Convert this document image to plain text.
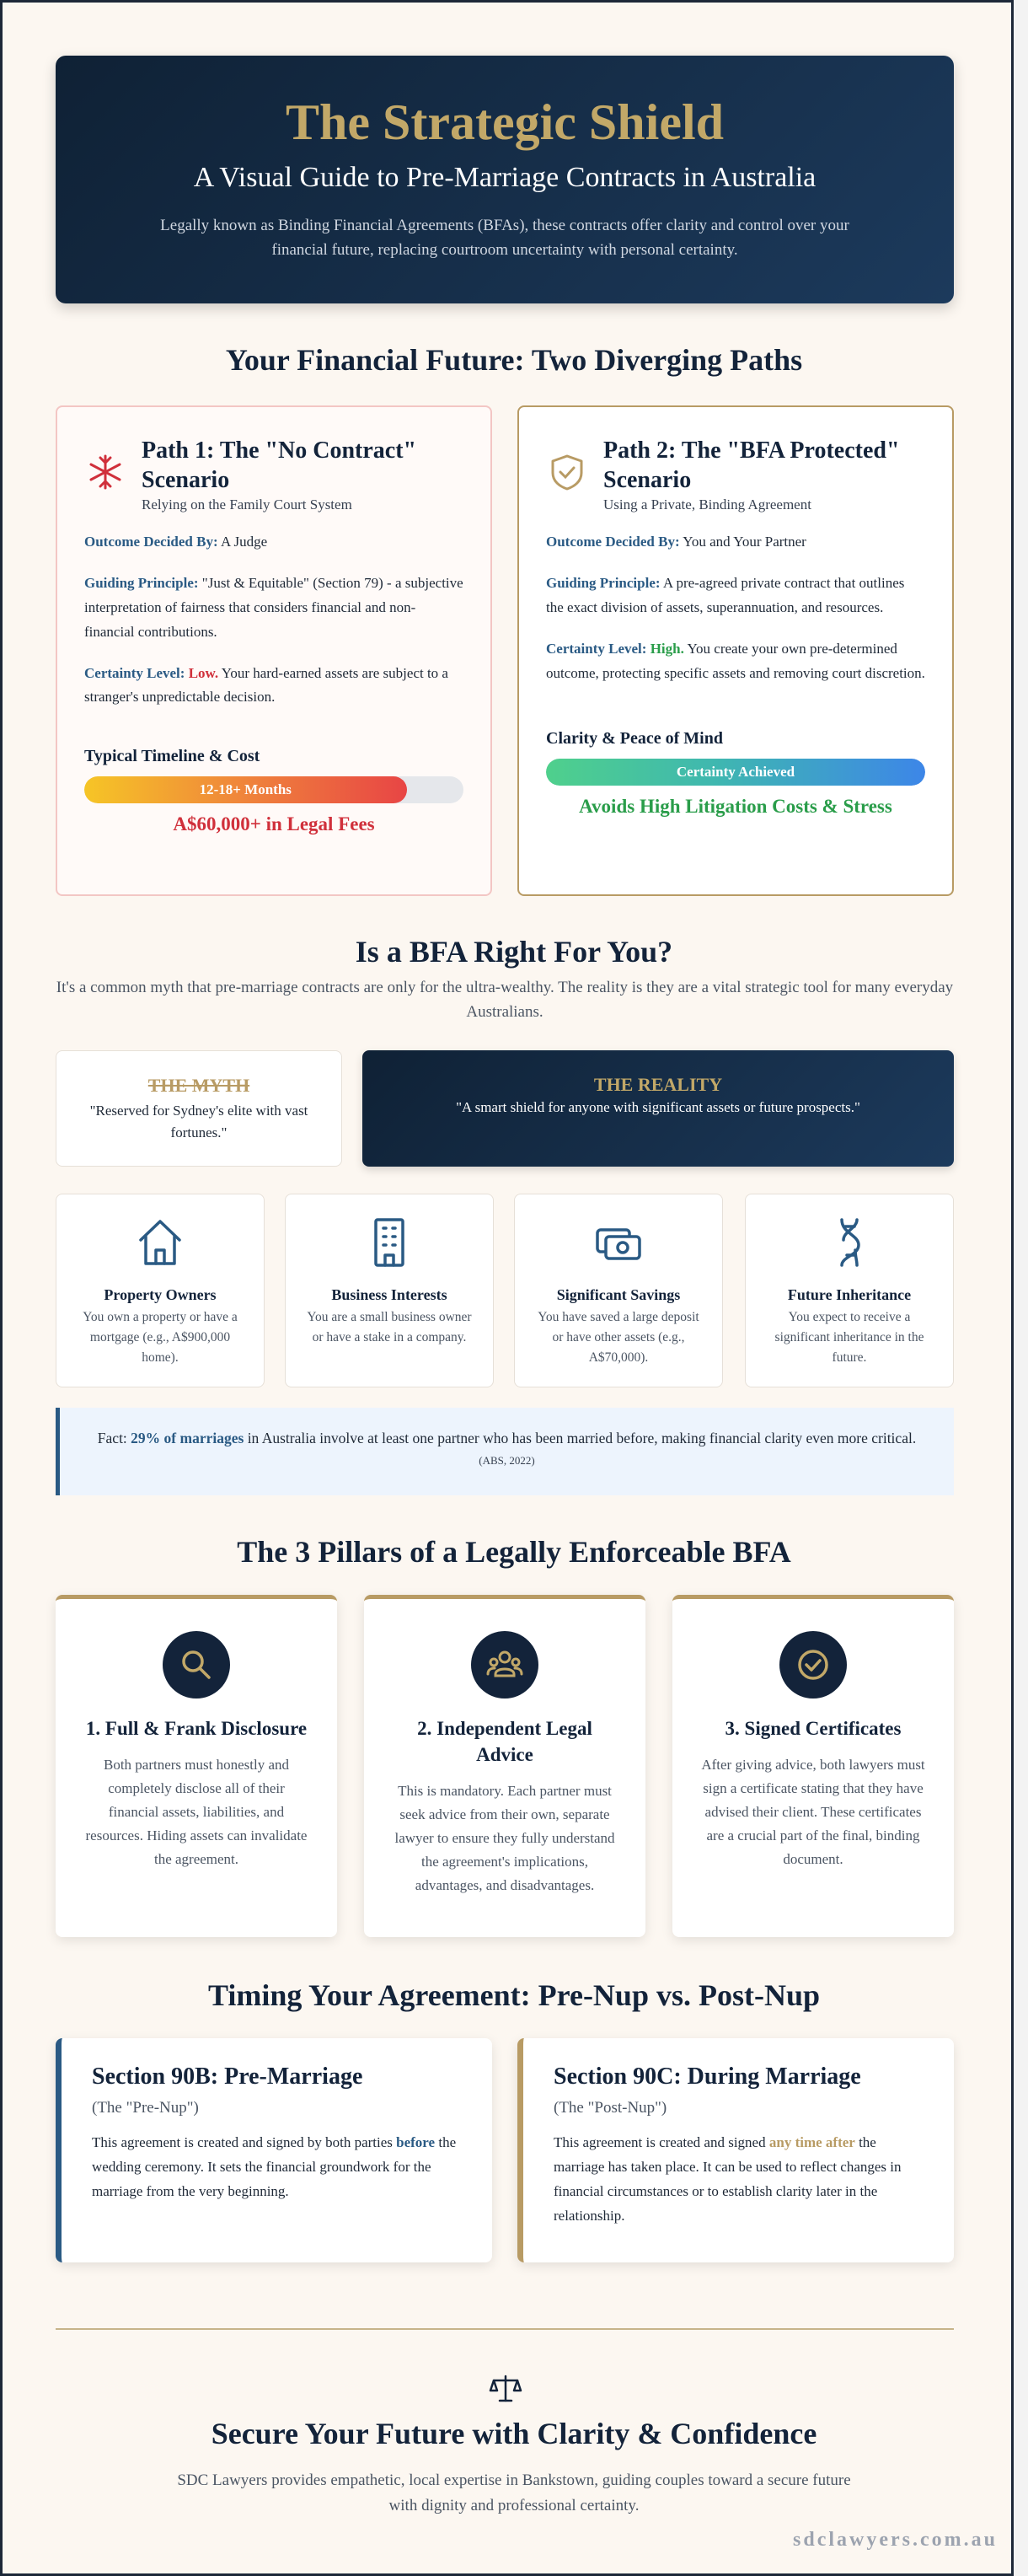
The Strategic Shield
A Visual Guide to Pre-Marriage Contracts in Australia

Legally known as Binding Financial Agreements (BFAs), these contracts offer clarity and control over your financial future, replacing courtroom uncertainty with personal certainty.

Your Financial Future: Two Diverging Paths
Path 1: The "No Contract" Scenario
Relying on the Family Court System
Outcome Decided By: A Judge
Guiding Principle: "Just & Equitable" (Section 79) - a subjective interpretation of fairness that considers financial and non-financial contributions.
Certainty Level: Low. Your hard-earned assets are subject to a stranger's unpredictable decision.
Typical Timeline & Cost
12-18+ Months
A$60,000+ in Legal Fees
Path 2: The "BFA Protected" Scenario
Using a Private, Binding Agreement
Outcome Decided By: You and Your Partner
Guiding Principle: A pre-agreed private contract that outlines the exact division of assets, superannuation, and resources.
Certainty Level: High. You create your own pre-determined outcome, protecting specific assets and removing court discretion.
Clarity & Peace of Mind
Certainty Achieved
Avoids High Litigation Costs & Stress
Is a BFA Right For You?
It's a common myth that pre-marriage contracts are only for the ultra-wealthy. The reality is they are a vital strategic tool for many everyday Australians.
THE MYTH

"Reserved for Sydney's elite with vast fortunes."

THE REALITY

"A smart shield for anyone with significant assets or future prospects."

Property Owners

You own a property or have a mortgage (e.g., A$900,000 home).

Business Interests

You are a small business owner or have a stake in a company.

Significant Savings

You have saved a large deposit or have other assets (e.g., A$70,000).

Future Inheritance

You expect to receive a significant inheritance in the future.

Fact: 29% of marriages in Australia involve at least one partner who has been married before, making financial clarity even more critical.
(ABS, 2022)
The 3 Pillars of a Legally Enforceable BFA
1. Full & Frank Disclosure

Both partners must honestly and completely disclose all of their financial assets, liabilities, and resources. Hiding assets can invalidate the agreement.

2. Independent Legal Advice

This is mandatory. Each partner must seek advice from their own, separate lawyer to ensure they fully understand the agreement's implications, advantages, and disadvantages.

3. Signed Certificates

After giving advice, both lawyers must sign a certificate stating that they have advised their client. These certificates are a crucial part of the final, binding document.

Timing Your Agreement: Pre-Nup vs. Post-Nup
Section 90B: Pre-Marriage
(The "Pre-Nup")

This agreement is created and signed by both parties before the wedding ceremony. It sets the financial groundwork for the marriage from the very beginning.

Section 90C: During Marriage
(The "Post-Nup")

This agreement is created and signed any time after the marriage has taken place. It can be used to reflect changes in financial circumstances or to establish clarity later in the relationship.

Secure Your Future with Clarity & Confidence
SDC Lawyers provides empathetic, local expertise in Bankstown, guiding couples toward a secure future with dignity and professional certainty.
sdclawyers.com.au
